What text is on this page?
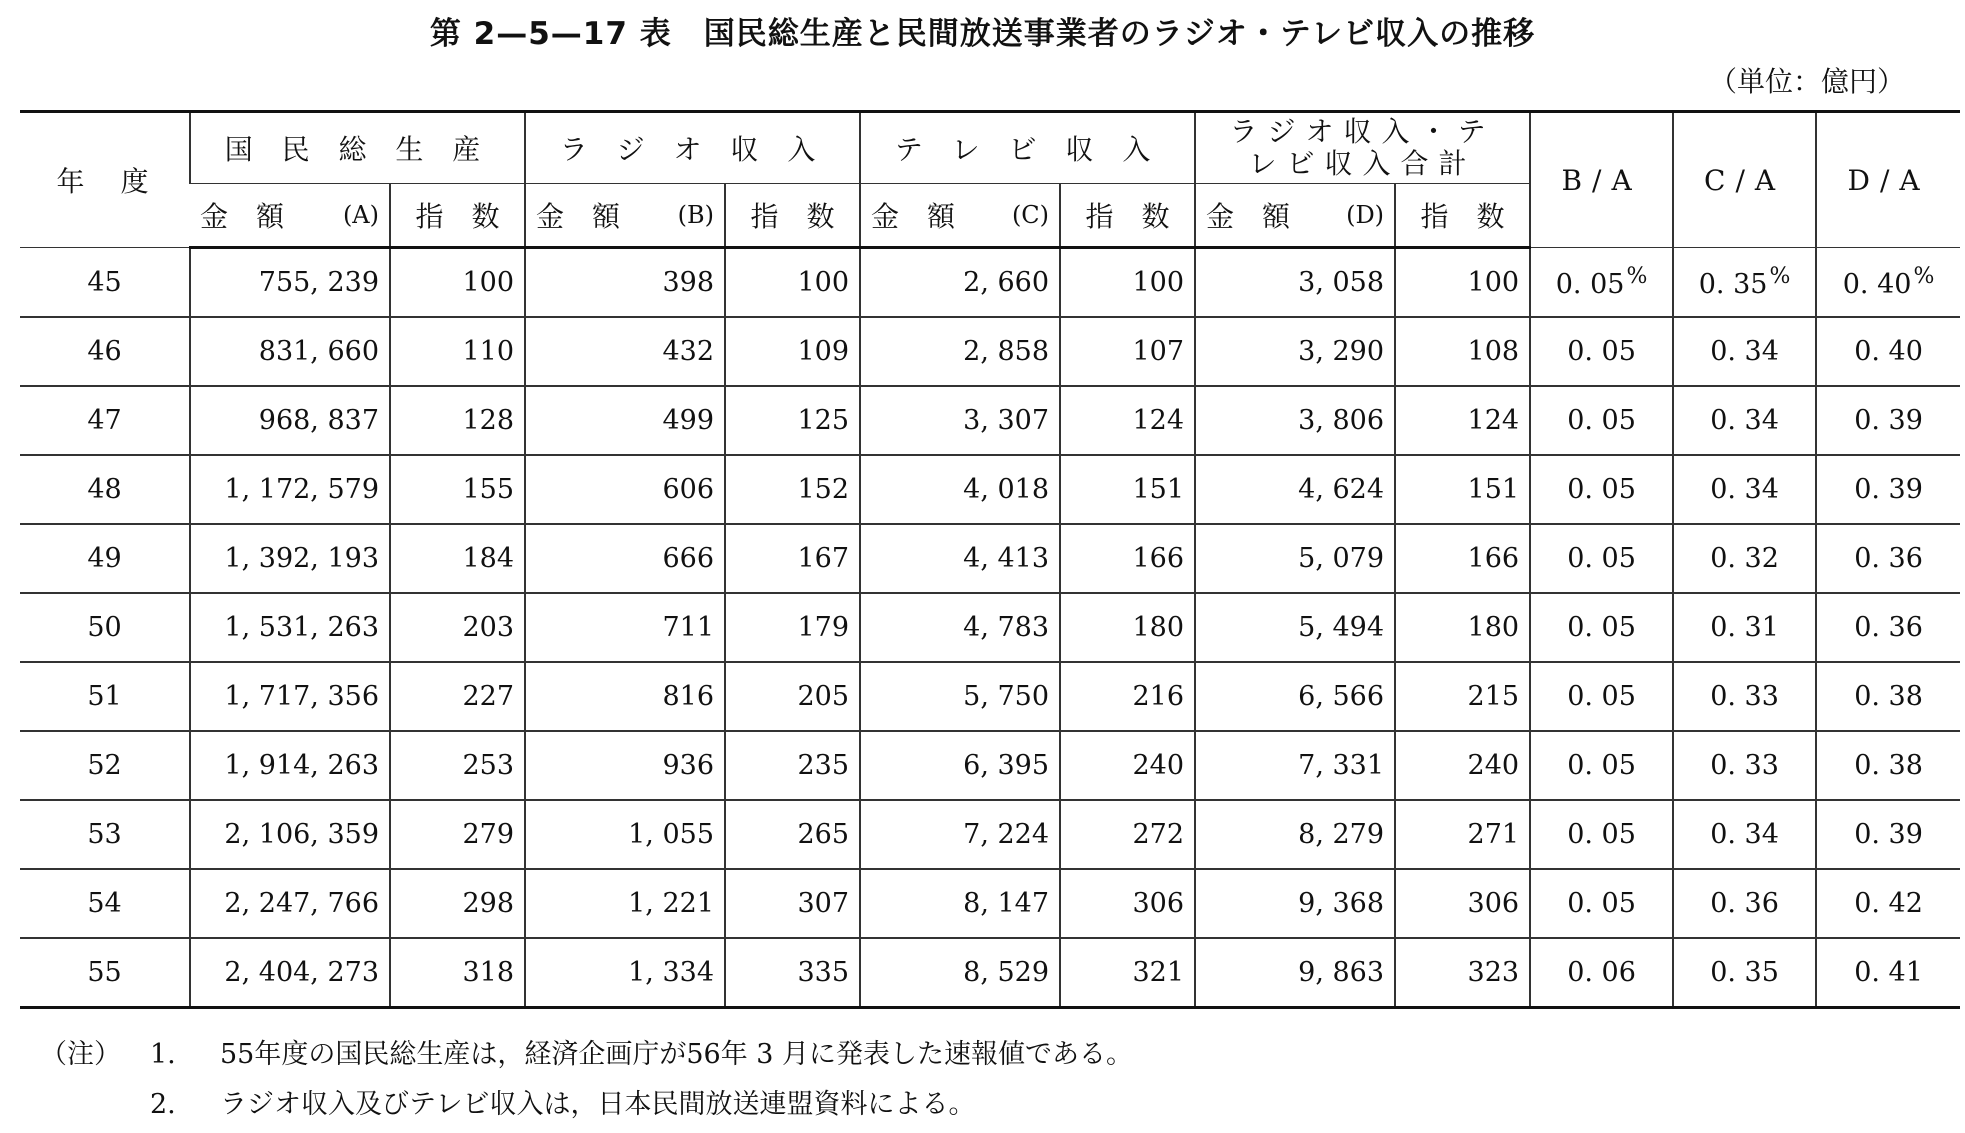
第 2—5—17 表　国民総生産と民間放送事業者のラジオ・テレビ収入の推移
（単位：億円）
年　度	国 民 総 生 産		ラ ジ オ 収 入		テ レ ビ 収 入		ラジオ収入・テ
レビ収入合計		B/A	C/A	D/A

	金　額 (A)	指　数	金　額 (B)	指　数	金　額 (C)	指　数	金　額 (D)	指　数			
45	755, 239	100	398	100	2, 660	100	3, 058	100	0. 05%	0. 35%	0. 40%
46	831, 660	110	432	109	2, 858	107	3, 290	108	0. 05	0. 34	0. 40
47	968, 837	128	499	125	3, 307	124	3, 806	124	0. 05	0. 34	0. 39
48	1, 172, 579	155	606	152	4, 018	151	4, 624	151	0. 05	0. 34	0. 39
49	1, 392, 193	184	666	167	4, 413	166	5, 079	166	0. 05	0. 32	0. 36
50	1, 531, 263	203	711	179	4, 783	180	5, 494	180	0. 05	0. 31	0. 36
51	1, 717, 356	227	816	205	5, 750	216	6, 566	215	0. 05	0. 33	0. 38
52	1, 914, 263	253	936	235	6, 395	240	7, 331	240	0. 05	0. 33	0. 38
53	2, 106, 359	279	1, 055	265	7, 224	272	8, 279	271	0. 05	0. 34	0. 39
54	2, 247, 766	298	1, 221	307	8, 147	306	9, 368	306	0. 05	0. 36	0. 42
55	2, 404, 273	318	1, 334	335	8, 529	321	9, 863	323	0. 06	0. 35	0. 41
（注）	1.	55年度の国民総生産は，経済企画庁が56年 3 月に発表した速報値である。
2.	ラジオ収入及びテレビ収入は，日本民間放送連盟資料による。
